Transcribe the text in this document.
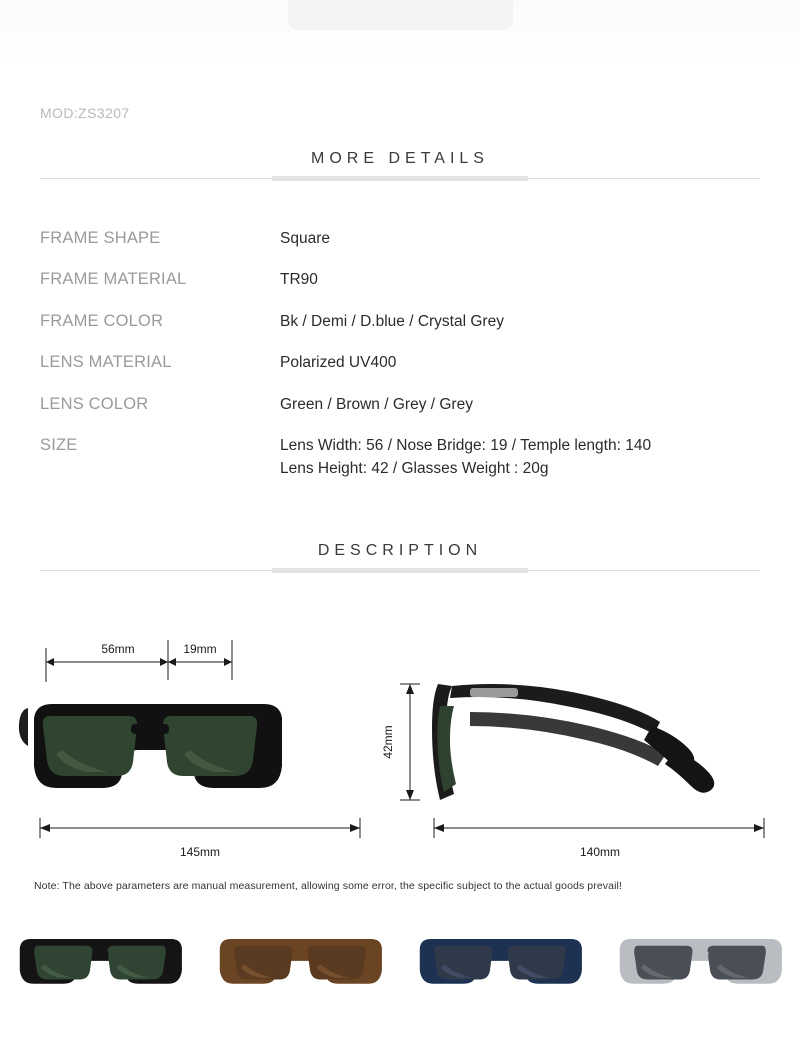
MOD:ZS3207
MORE DETAILS
FRAME SHAPE	Square
FRAME MATERIAL	TR90
FRAME COLOR	Bk / Demi / D.blue / Crystal Grey
LENS MATERIAL	Polarized UV400
LENS COLOR	Green / Brown / Grey / Grey
SIZE	Lens Width: 56 / Nose Bridge: 19 / Temple length: 140
Lens Height: 42 / Glasses Weight : 20g
DESCRIPTION
56mm	19mm
145mm
42mm
140mm
Note: The above parameters are manual measurement, allowing some error, the specific subject to the actual goods prevail!
